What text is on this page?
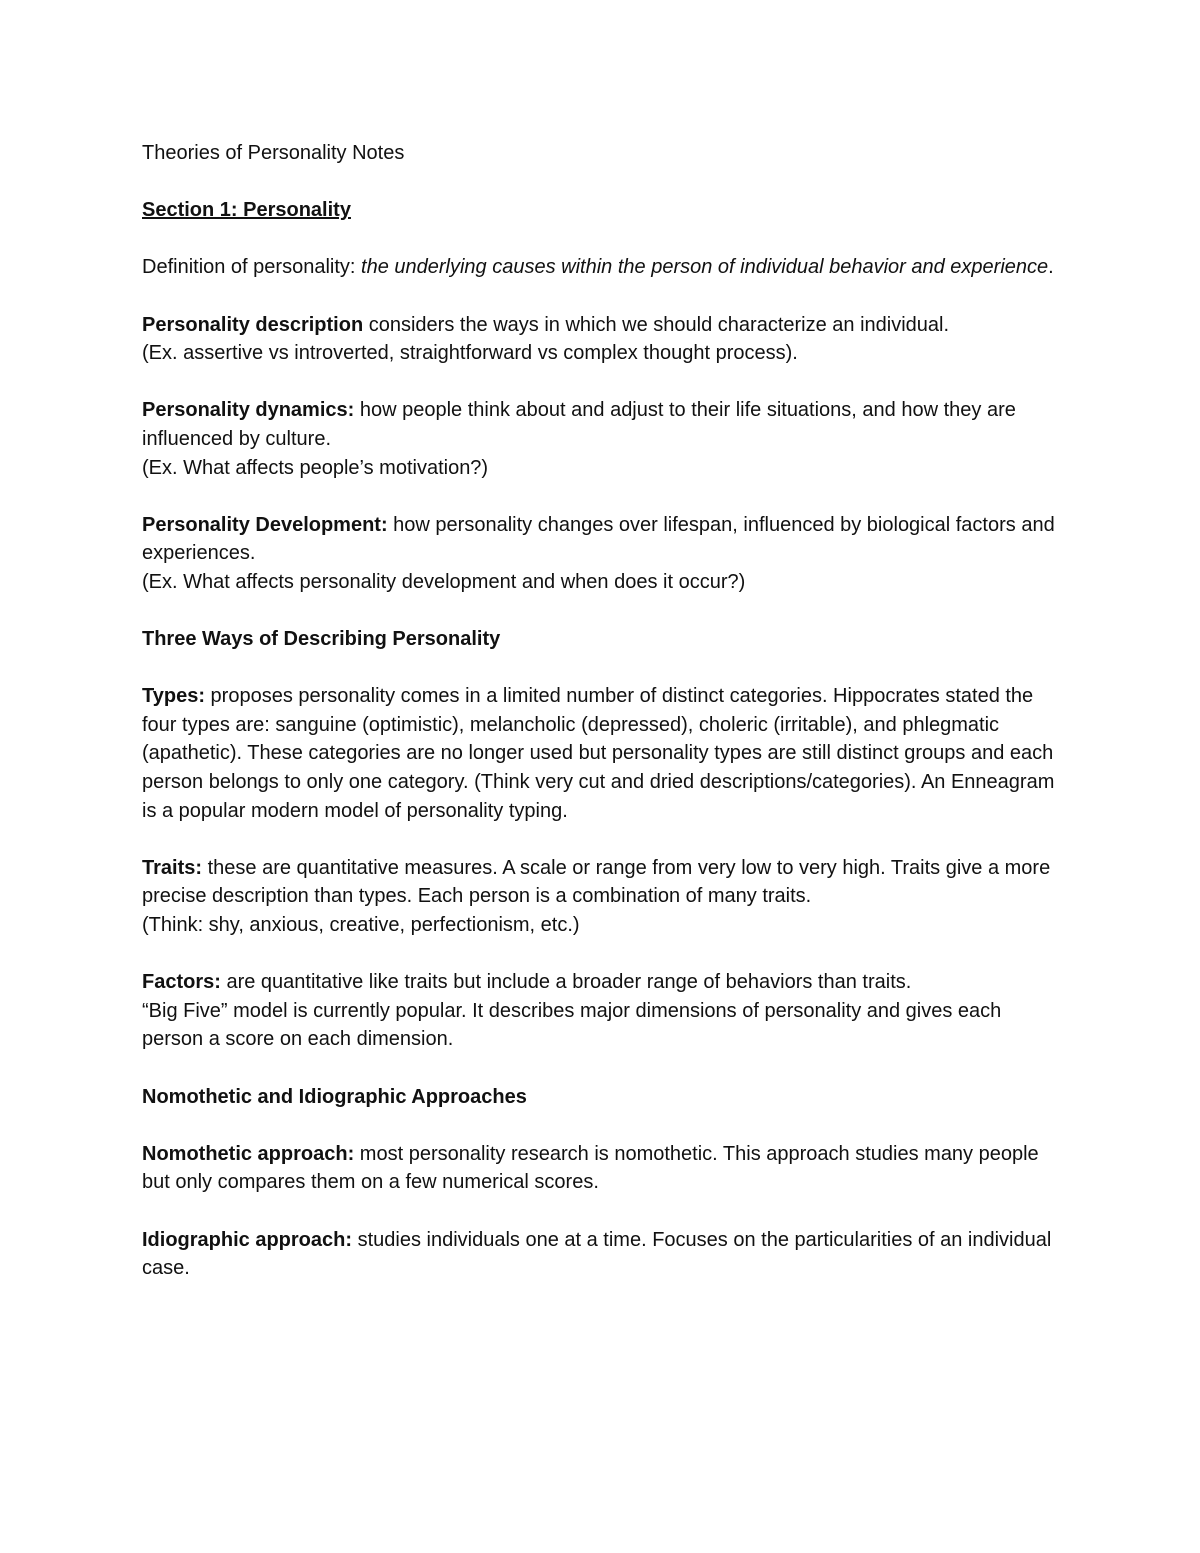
Theories of Personality Notes

Section 1: Personality

Definition of personality: the underlying causes within the person of individual behavior and experience.

Personality description considers the ways in which we should characterize an individual.

(Ex. assertive vs introverted, straightforward vs complex thought process).

Personality dynamics: how people think about and adjust to their life situations, and how they are influenced by culture.

(Ex. What affects people’s motivation?)

Personality Development: how personality changes over lifespan, influenced by biological factors and experiences.

(Ex. What affects personality development and when does it occur?)

Three Ways of Describing Personality

Types: proposes personality comes in a limited number of distinct categories. Hippocrates stated the four types are: sanguine (optimistic), melancholic (depressed), choleric (irritable), and phlegmatic (apathetic). These categories are no longer used but personality types are still distinct groups and each person belongs to only one category. (Think very cut and dried descriptions/categories). An Enneagram is a popular modern model of personality typing.

Traits: these are quantitative measures. A scale or range from very low to very high. Traits give a more precise description than types. Each person is a combination of many traits.

(Think: shy, anxious, creative, perfectionism, etc.)

Factors: are quantitative like traits but include a broader range of behaviors than traits.

“Big Five” model is currently popular. It describes major dimensions of personality and gives each person a score on each dimension.

Nomothetic and Idiographic Approaches

Nomothetic approach: most personality research is nomothetic. This approach studies many people but only compares them on a few numerical scores.

Idiographic approach: studies individuals one at a time. Focuses on the particularities of an individual case.
